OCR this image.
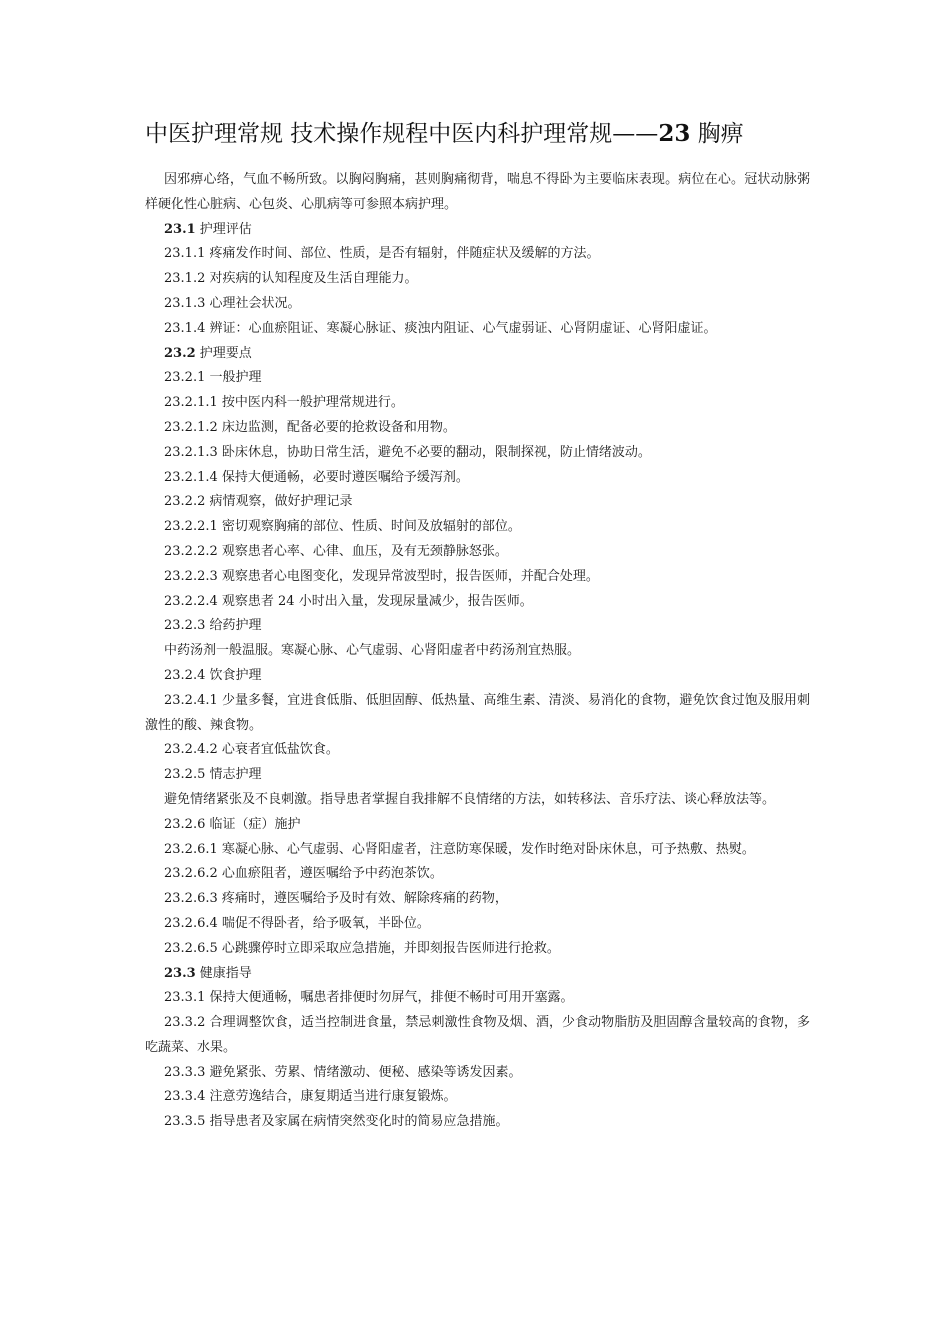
中医护理常规 技术操作规程中医内科护理常规——23 胸痹

因邪痹心络，气血不畅所致。以胸闷胸痛，甚则胸痛彻背，喘息不得卧为主要临床表现。病位在心。冠状动脉粥样硬化性心脏病、心包炎、心肌病等可参照本病护理。

23.1 护理评估

23.1.1 疼痛发作时间、部位、性质，是否有辐射，伴随症状及缓解的方法。

23.1.2 对疾病的认知程度及生活自理能力。

23.1.3 心理社会状况。

23.1.4 辨证：心血瘀阻证、寒凝心脉证、痰浊内阻证、心气虚弱证、心肾阴虚证、心肾阳虚证。

23.2 护理要点

23.2.1 一般护理

23.2.1.1 按中医内科一般护理常规进行。

23.2.1.2 床边监测，配备必要的抢救设备和用物。

23.2.1.3 卧床休息，协助日常生活，避免不必要的翻动，限制探视，防止情绪波动。

23.2.1.4 保持大便通畅，必要时遵医嘱给予缓泻剂。

23.2.2 病情观察，做好护理记录

23.2.2.1 密切观察胸痛的部位、性质、时间及放辐射的部位。

23.2.2.2 观察患者心率、心律、血压，及有无颈静脉怒张。

23.2.2.3 观察患者心电图变化，发现异常波型时，报告医师，并配合处理。

23.2.2.4 观察患者 24 小时出入量，发现尿量减少，报告医师。

23.2.3 给药护理

中药汤剂一般温服。寒凝心脉、心气虚弱、心肾阳虚者中药汤剂宜热服。

23.2.4 饮食护理

23.2.4.1 少量多餐，宜进食低脂、低胆固醇、低热量、高维生素、清淡、易消化的食物，避免饮食过饱及服用刺激性的酸、辣食物。

23.2.4.2 心衰者宜低盐饮食。

23.2.5 情志护理

避免情绪紧张及不良刺激。指导患者掌握自我排解不良情绪的方法，如转移法、音乐疗法、谈心释放法等。

23.2.6 临证（症）施护

23.2.6.1 寒凝心脉、心气虚弱、心肾阳虚者，注意防寒保暖，发作时绝对卧床休息，可予热敷、热熨。

23.2.6.2 心血瘀阻者，遵医嘱给予中药泡茶饮。

23.2.6.3 疼痛时，遵医嘱给予及时有效、解除疼痛的药物，

23.2.6.4 喘促不得卧者，给予吸氧，半卧位。

23.2.6.5 心跳骤停时立即采取应急措施，并即刻报告医师进行抢救。

23.3 健康指导

23.3.1 保持大便通畅，嘱患者排便时勿屏气，排便不畅时可用开塞露。

23.3.2 合理调整饮食，适当控制进食量，禁忌刺激性食物及烟、酒，少食动物脂肪及胆固醇含量较高的食物，多吃蔬菜、水果。

23.3.3 避免紧张、劳累、情绪激动、便秘、感染等诱发因素。

23.3.4 注意劳逸结合，康复期适当进行康复锻炼。

23.3.5 指导患者及家属在病情突然变化时的简易应急措施。
